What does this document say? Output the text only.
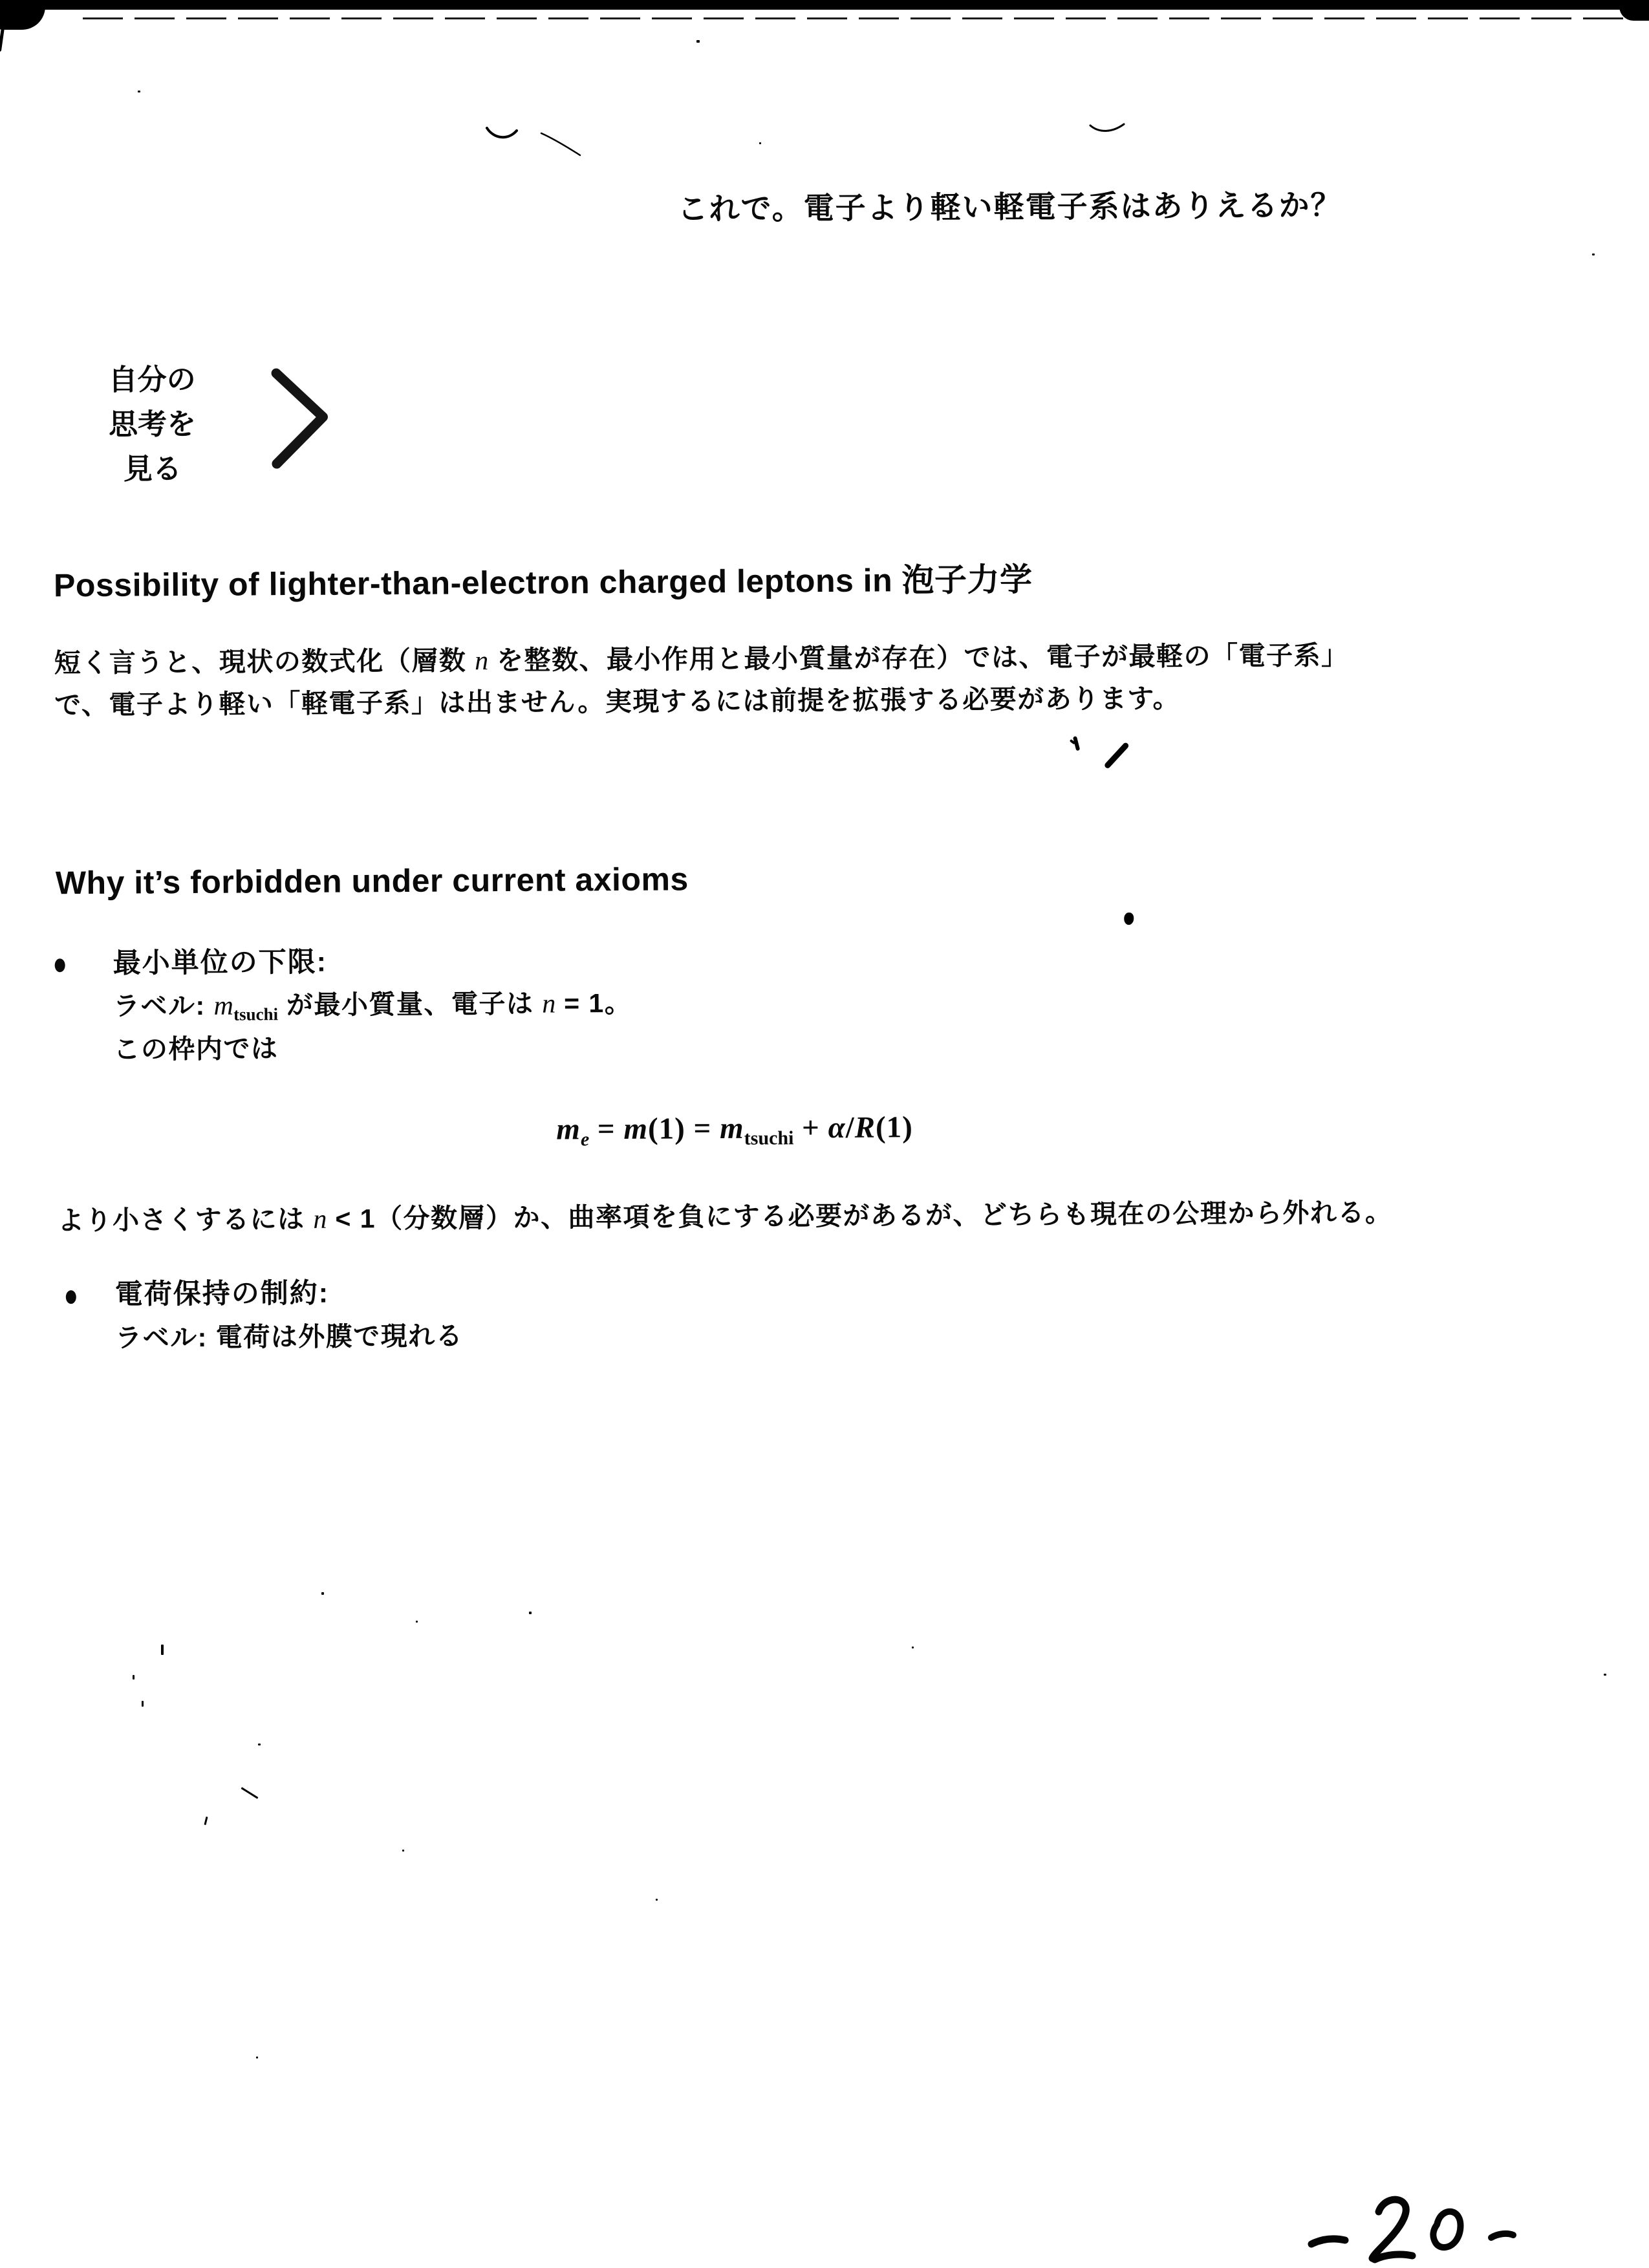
これで。電子より軽い軽電子系はありえるか？
自分の
思考を
見る
Possibility of lighter-than-electron charged leptons in 泡子力学
短く言うと、現状の数式化（層数 n を整数、最小作用と最小質量が存在）では、電子が最軽の「電子系」
で、電子より軽い「軽電子系」は出ません。実現するには前提を拡張する必要があります。
Why it’s forbidden under current axioms
最小単位の下限:
ラベル: $m_{tsuchi}$ が最小質量、電子は n = 1。
この枠内では
$m_e = m(1) = m_{tsuchi} + \alpha/R(1)$
より小さくするには n < 1（分数層）か、曲率項を負にする必要があるが、どちらも現在の公理から外れる。
電荷保持の制約:
ラベル: 電荷は外膜で現れる
